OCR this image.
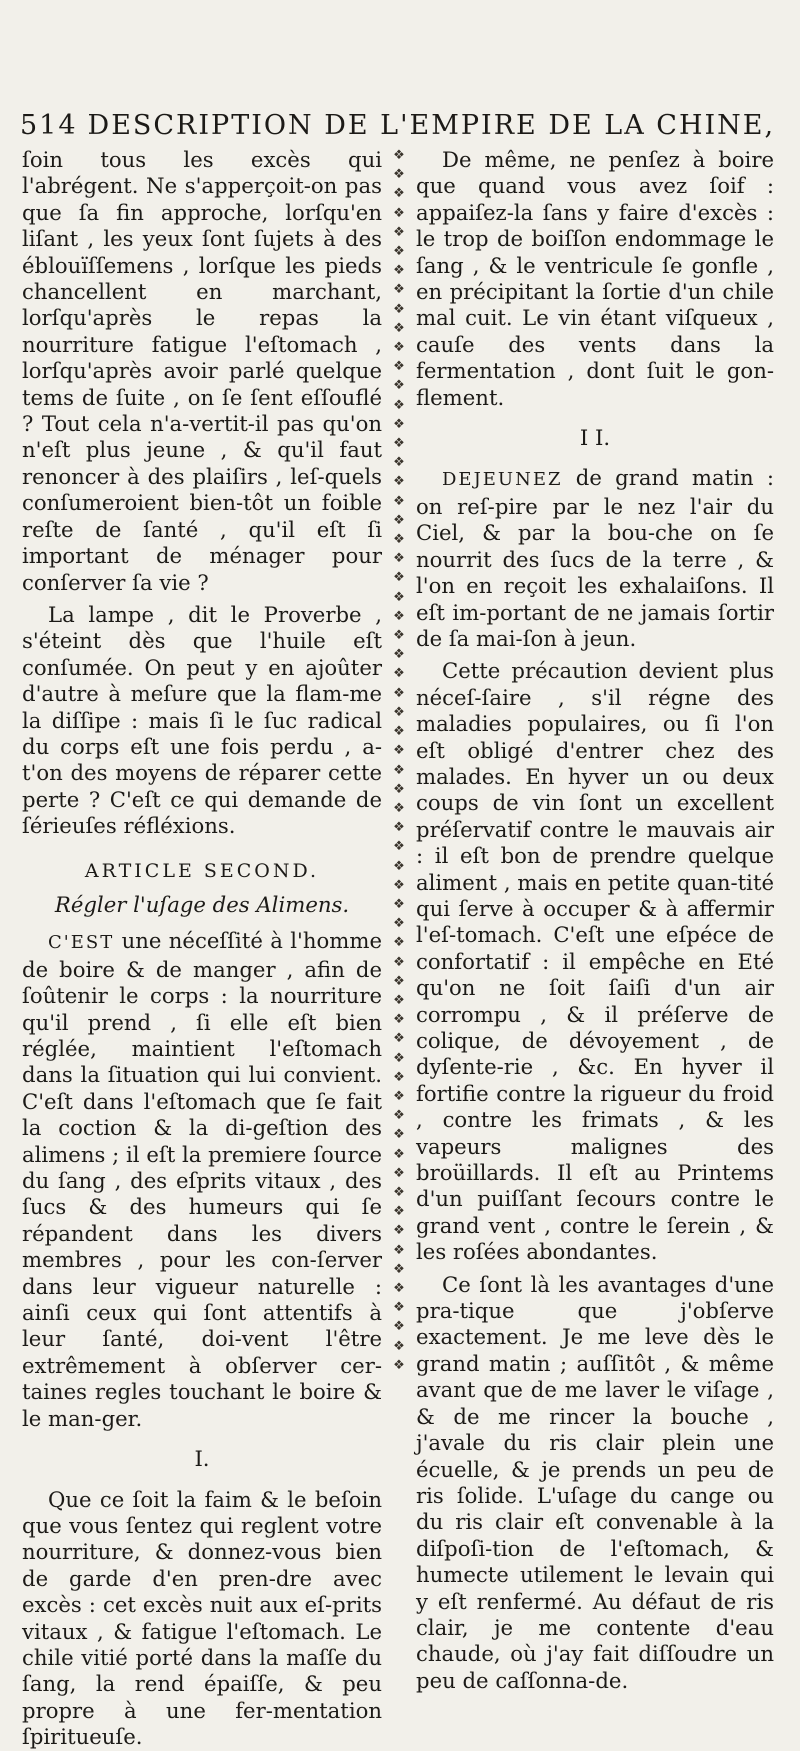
514 DESCRIPTION DE L'EMPIRE DE LA CHINE,

ſoin tous les excès qui l'abrégent. Ne s'apperçoit-on pas que ſa fin approche, lorſqu'en liſant , les yeux ſont ſujets à des éblouïſſemens , lorſque les pieds chancellent en marchant, lorſqu'après le repas la nourriture fatigue l'eſtomach , lorſqu'après avoir parlé quelque tems de ſuite , on ſe ſent eſſouflé ? Tout cela n'a-vertit-il pas qu'on n'eſt plus jeune , & qu'il faut renoncer à des plaiſirs , leſ-quels conſumeroient bien-tôt un foible reſte de ſanté , qu'il eſt ſi important de ménager pour conſerver ſa vie ?

La lampe , dit le Proverbe , s'éteint dès que l'huile eſt conſumée. On peut y en ajoûter d'autre à meſure que la flam-me la diſſipe : mais ſi le ſuc radical du corps eſt une fois perdu , a-t'on des moyens de réparer cette perte ? C'eſt ce qui demande de ſérieuſes réfléxions.

ARTICLE SECOND.
Régler l'uſage des Alimens.

C'EST une néceſſité à l'homme de boire & de manger , afin de ſoûtenir le corps : la nourriture qu'il prend , ſi elle eſt bien réglée, maintient l'eſtomach dans la ſituation qui lui convient. C'eſt dans l'eſtomach que ſe fait la coction & la di-geſtion des alimens ; il eſt la premiere ſource du ſang , des eſprits vitaux , des ſucs & des humeurs qui ſe répandent dans les divers membres , pour les con-ſerver dans leur vigueur naturelle : ainſi ceux qui ſont attentifs à leur ſanté, doi-vent l'être extrêmement à obſerver cer-taines regles touchant le boire & le man-ger.

I.

Que ce ſoit la faim & le beſoin que vous ſentez qui reglent votre nourriture, & donnez-vous bien de garde d'en pren-dre avec excès : cet excès nuit aux eſ-prits vitaux , & fatigue l'eſtomach. Le chile vitié porté dans la maſſe du ſang, la rend épaiſſe, & peu propre à une fer-mentation ſpiritueuſe.

❖
❖
❖
❖
❖
❖
❖
❖
❖
❖
❖
❖
❖
❖
❖
❖
❖
❖
❖
❖
❖
❖
❖
❖
❖
❖
❖
❖
❖
❖
❖
❖
❖
❖
❖
❖
❖
❖
❖
❖
❖
❖
❖
❖
❖
❖
❖
❖
❖
❖
❖
❖
❖
❖
❖
❖
❖
❖
❖
❖
❖
❖
❖
❖

De même, ne penſez à boire que quand vous avez ſoif : appaiſez-la ſans y faire d'excès : le trop de boiſſon endommage le ſang , & le ventricule ſe gonfle , en précipitant la ſortie d'un chile mal cuit. Le vin étant viſqueux , cauſe des vents dans la fermentation , dont ſuit le gon-flement.

I I.

DEJEUNEZ de grand matin : on reſ-pire par le nez l'air du Ciel, & par la bou-che on ſe nourrit des ſucs de la terre , & l'on en reçoit les exhalaiſons. Il eſt im-portant de ne jamais ſortir de ſa mai-ſon à jeun.

Cette précaution devient plus néceſ-ſaire , s'il régne des maladies populaires, ou ſi l'on eſt obligé d'entrer chez des malades. En hyver un ou deux coups de vin ſont un excellent préſervatif contre le mauvais air : il eſt bon de prendre quelque aliment , mais en petite quan-tité qui ſerve à occuper & à affermir l'eſ-tomach. C'eſt une eſpéce de confortatif : il empêche en Eté qu'on ne ſoit ſaiſi d'un air corrompu , & il préſerve de colique, de dévoyement , de dyſente-rie , &c. En hyver il fortifie contre la rigueur du froid , contre les frimats , & les vapeurs malignes des broüillards. Il eſt au Printems d'un puiſſant ſecours contre le grand vent , contre le ſerein , & les roſées abondantes.

Ce ſont là les avantages d'une pra-tique que j'obſerve exactement. Je me leve dès le grand matin ; auſſitôt , & même avant que de me laver le viſage , & de me rincer la bouche , j'avale du ris clair plein une écuelle, & je prends un peu de ris ſolide. L'uſage du cange ou du ris clair eſt convenable à la diſpoſi-tion de l'eſtomach, & humecte utilement le levain qui y eſt renfermé. Au défaut de ris clair, je me contente d'eau chaude, où j'ay fait diſſoudre un peu de caſſonna-de.
